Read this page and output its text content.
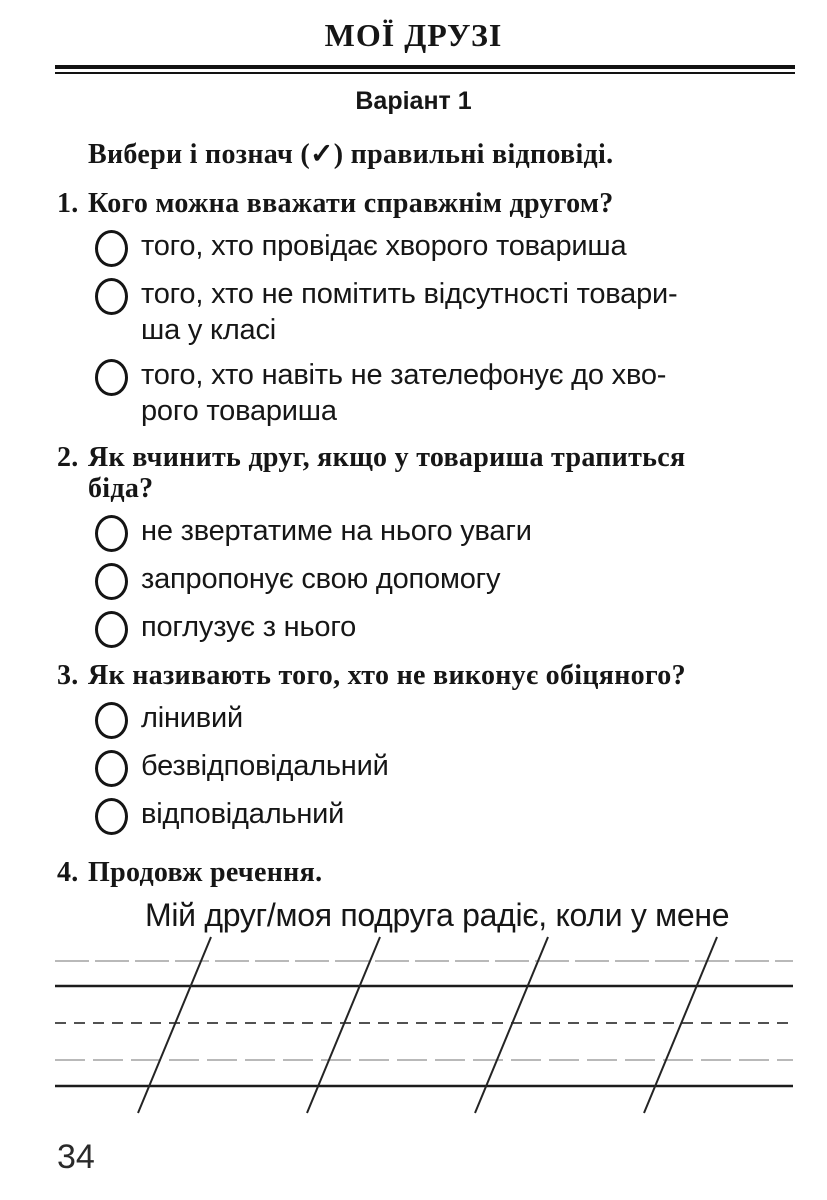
МОЇ ДРУЗІ
Варіант 1

Вибери і познач (✓) правильні відповіді.

1. Кого можна вважати справжнім другом?
того, хто провідає хворого товариша
того, хто не помітить відсутності товари-
ша у класі
того, хто навіть не зателефонує до хво-
рого товариша
2. Як вчинить друг, якщо у товариша трапиться
біда?
не звертатиме на нього уваги
запропонує свою допомогу
поглузує з нього
3. Як називають того, хто не виконує обіцяного?
лінивий
безвідповідальний
відповідальний
4. Продовж речення.

Мій друг/моя подруга радіє, коли у мене

34
